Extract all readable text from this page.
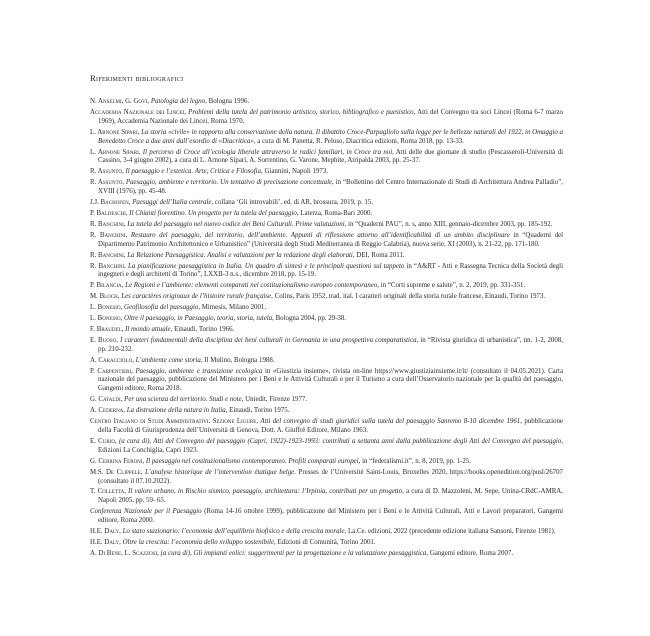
Riferimenti bibliografici

N. Anselmi, G. Govi, Patologia del legno, Bologna 1996.

Accademia Nazionale dei Lincei, Problemi della tutela del patrimonio artistico, storico, bibliografico e paesistico, Atti del Convegno tra soci Lincei (Roma 6-7 marzo 1969), Accademia Nazionale dei Lincei, Roma 1970.

L. Arnone Sipari, La storia «civile» in rapporto alla conservazione della natura. Il dibattito Croce-Parpagliolo sulla legge per le bellezze naturali del 1922, in Omaggio a Benedetto Croce a due anni dall’esordio di «Diacritica», a cura di M. Panetta, R. Peluso, Diacritica edizioni, Roma 2018, pp. 13-33.

L. Arnone Sipari, Il percorso di Croce all’ecologia liberale attraverso le radici familiari, in Croce tra noi, Atti delle due giornate di studio (Pescasseroli-Università di Cassino, 3-4 giugno 2002), a cura di L. Arnone Sipari, A. Sorrentino, G. Varone, Mephite, Atripalda 2003, pp. 25-37.

R. Assunto, Il paesaggio e l’estetica. Arte, Critica e Filosofia, Giannini, Napoli 1973.

R. Assunto, Paesaggio, ambiente e territorio. Un tentativo di precisazione concettuale, in “Bollettino del Centro Internazionale di Studi di Architettura Andrea Palladio”, XVIII (1976), pp. 45-48.

J.J. Bachofen, Paesaggi dell’Italia centrale, collana ‘Gli introvabili’, ed. di AR, brossura, 2019, p. 15.

P. Baldeschi, Il Chianti fiorentino. Un progetto per la tutela del paesaggio, Laterza, Roma-Bari 2000.

R. Banchini, La tutela del paesaggio nel nuovo codice dei Beni Culturali. Prime valutazioni, in “Quaderni PAU”, n. s, anno XIII, gennaio-dicembre 2003, pp. 185-192.

R. Banchini, Restauro del paesaggio, del territorio, dell’ambiente. Appunti di riflessione attorno all’identificabilità di un ambito disciplinare in “Quaderni del Dipartimento Patrimonio Architettonico e Urbanistico” (Università degli Studi Mediterranea di Reggio Calabria), nuova serie, XI (2003), n. 21-22, pp. 171-180.

R. Banchini, La Relazione Paesaggistica. Analisi e valutazioni per la redazione degli elaborati, DEI, Roma 2011.

R. Banchini, La pianificazione paesaggistica in Italia. Un quadro di sintesi e le principali questioni sul tappeto in “A&RT - Atti e Rassegna Tecnica della Società degli ingegneri e degli architetti di Torino”, LXXII-3 n.s., dicembre 2018, pp. 15-19.

P. Bilancia, Le Regioni e l’ambiente: elementi comparati nel costituzionalismo europeo contemporaneo, in “Corti supreme e salute”, n. 2, 2019, pp. 331-351.

M. Bloch, Les caractères originaux de l’histoire rurale française, Colins, Paris 1952, trad. ital. I caratteri originali della storia rurale francese, Einaudi, Torino 1973.

L. Bonesio, Geofilosofia del paesaggio, Mimesis, Milano 2001.

L. Bonesio, Oltre il paesaggio, in Paesaggio, teoria, storia, tutela, Bologna 2004, pp. 29-38.

F. Braudel, Il mondo attuale, Einaudi, Torino 1966.

E. Buoso, I caratteri fondamentali della disciplina dei beni culturali in Germania in una prospettiva comparatistica, in “Rivista giuridica di urbanistica”, nn. 1-2, 2008, pp. 210-232.

A. Caracciolo, L’ambiente come storia, Il Mulino, Bologna 1988.

P. Carpentieri, Paesaggio, ambiente e transizione ecologica in «Giustizia insieme», rivista on-line https://www.giustiziainsieme.it/it/ (consultato il 04.05.2021). Carta nazionale del paesaggio, pubblicazione del Ministero per i Beni e le Attività Culturali e per il Turismo a cura dell’Osservatorio nazionale per la qualità del paesaggio, Gangemi editore, Roma 2018.

G. Cataldi, Per una scienza del territorio. Studi e note, Uniedit, Firenze 1977.

A. Cederna, La distruzione della natura in Italia, Einaudi, Torino 1975.

Centro Italiano di Studi Amministrativi. Sezione Ligure, Atti del convegno di studi giuridici sulla tutela del paesaggio Sanremo 8-10 dicembre 1961, pubblicazione della Facoltà di Giurisprudenza dell’Università di Genova, Dott. A. Giuffrè Editore, Milano 1963.

E. Curio, (a cura di), Atti del Convegno del paesaggio (Capri, 1922)-1923-1993: contributi a settanta anni dalla pubblicazione degli Atti del Convegno del paesaggio, Edizioni La Conchiglia, Capri 1923.

G. Cerrina Feroni, Il paesaggio nel costituzionalismo contemporaneo. Profili comparati europei, in “federalismi.it”, n. 8, 2019, pp. 1-25.

M.S. De Clippele, L’analyse historique de l’intervention étatique belge. Presses de l’Université Saint-Louis, Bruxelles 2020, https://books.openedition.org/pusl/26707 (consultato il 07.10.2022).

T. Colletta, Il valore urbano, in Rischio sismico, paesaggio, architettura: l’Irpinia, contributi per un progetto, a cura di D. Mazzoleni, M. Sepe, Unina-CRdC-AMRA, Napoli 2005, pp. 59- 65.

Conferenza Nazionale per il Paesaggio (Roma 14-16 ottobre 1999), pubblicazione del Ministero per i Beni e le Attività Culturali, Atti e Lavori preparatori, Gangemi editore, Roma 2000.

H.E. Daly, Lo stato stazionario: l’economia dell’equilibrio biofisico e della crescita morale, La.Ce. edizioni, 2022 (precedente edizione italiana Sansoni, Firenze 1981).

H.E. Daly, Oltre la crescita: l’economia dello sviluppo sostenibile, Edizioni di Comunità, Torino 2001.

A. Di Bene, L. Scazzosi, (a cura di), Gli impianti eolici: suggerimenti per la progettazione e la valutazione paesaggistica, Gangemi editore, Roma 2007.
